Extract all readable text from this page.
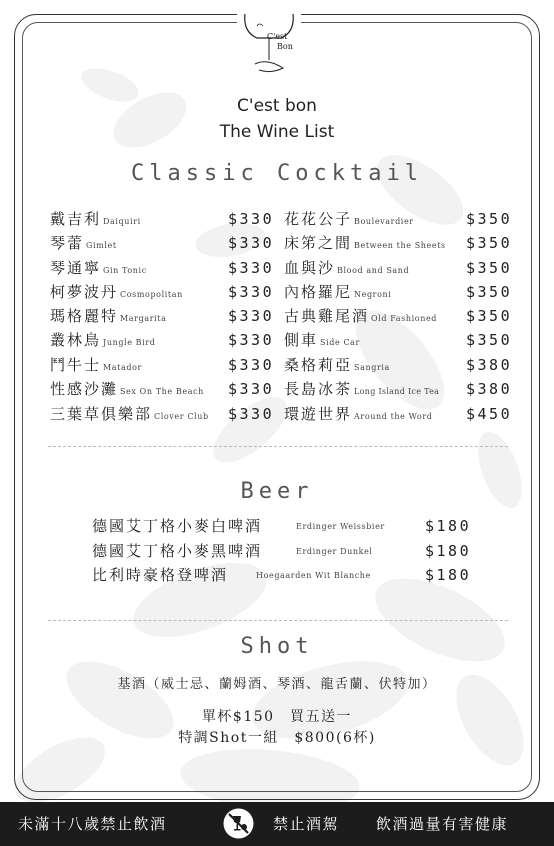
C'est
Bon
C'est bon
The Wine List
Classic Cocktail
戴吉利 Daiquiri	$330
琴蕾 Gimlet	$330
琴通寧 Gin Tonic	$330
柯夢波丹 Cosmopolitan	$330
瑪格麗特 Margarita	$330
叢林鳥 Jungle Bird	$330
鬥牛士 Matador	$330
性感沙灘 Sex On The Beach $330
三葉草俱樂部 Clover Club $330
花花公子 Boulevardier	$350
床笫之間 Between the Sheets $350
血與沙 Blood and Sand	$350
內格羅尼 Negroni	$350
古典雞尾酒 Old Fashioned $350
側車 Side Car	$350
桑格莉亞 Sangria	$380
長島冰茶 Long Island Ice Tea $380
環遊世界 Around the Word $450
Beer
德國艾丁格小麥白啤酒	Erdinger Weissbier	$180
德國艾丁格小麥黑啤酒	Erdinger Dunkel	$180
比利時豪格登啤酒	Hoegaarden Wit Blanche	$180
Shot
基酒（威士忌、蘭姆酒、琴酒、龍舌蘭、伏特加）
單杯$150　買五送一
特調Shot一組　$800(6杯)
未滿十八歲禁止飲酒	禁止酒駕 飲酒過量有害健康
